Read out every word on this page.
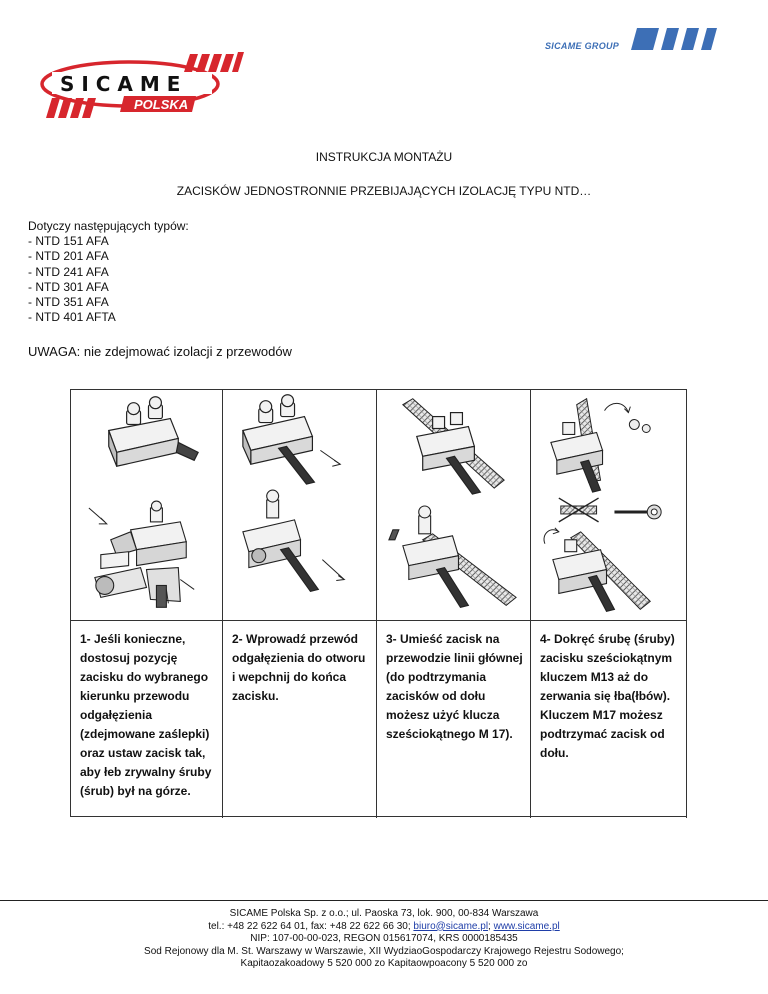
S I C A M E
POLSKA
SICAME GROUP
INSTRUKCJA MONTAŻU
ZACISKÓW JEDNOSTRONNIE PRZEBIJAJĄCYCH IZOLACJĘ TYPU NTD…
Dotyczy następujących typów:
- NTD 151 AFA
- NTD 201 AFA
- NTD 241 AFA
- NTD 301 AFA
- NTD 351 AFA
- NTD 401 AFTA
UWAGA: nie zdejmować izolacji z przewodów
1- Jeśli konieczne, dostosuj pozycję zacisku do wybranego kierunku przewodu odgałęzienia (zdejmowane zaślepki) oraz ustaw zacisk tak, aby łeb zrywalny śruby (śrub) był na górze.
2- Wprowadź przewód odgałęzienia do otworu i wepchnij do końca zacisku.
3- Umieść zacisk na przewodzie linii głównej (do podtrzymania zacisków od dołu możesz użyć klucza sześciokątnego M 17).
4- Dokręć śrubę (śruby) zacisku sześciokątnym kluczem M13 aż do zerwania się łba(łbów). Kluczem M17 możesz podtrzymać zacisk od dołu.
SICAME Polska Sp. z o.o.; ul. Paoska 73, lok. 900, 00-834 Warszawa
tel.: +48 22 622 64 01, fax: +48 22 622 66 30; biuro@sicame.pl; www.sicame.pl
NIP: 107-00-00-023, REGON 015617074, KRS 0000185435
Sod Rejonowy dla M. St. Warszawy w Warszawie, XII WydziaoGospodarczy Krajowego Rejestru Sodowego;
Kapitaozakoadowy 5 520 000 zo Kapitaowpoacony 5 520 000 zo
